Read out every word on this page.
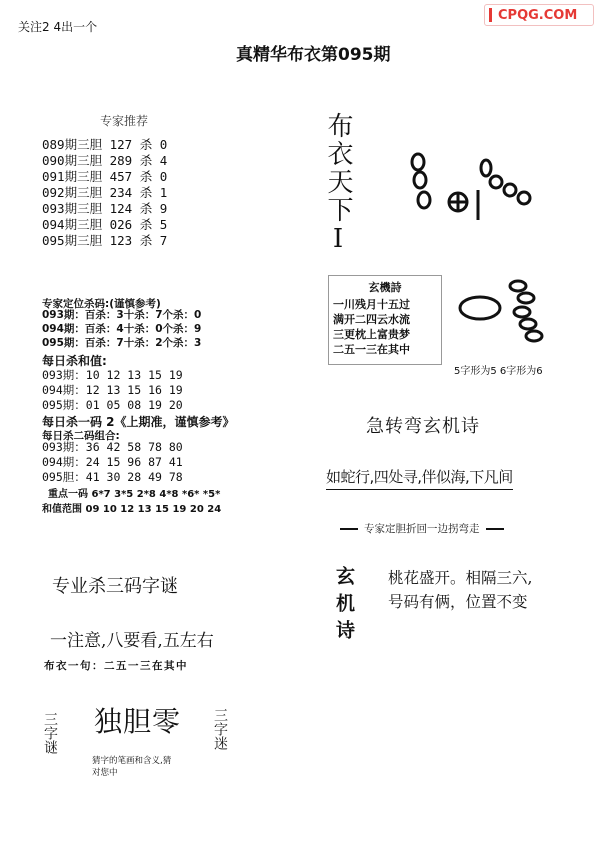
关注2 4出一个
CPQG.COM
真精华布衣第095期
专家推荐
089期三胆 127 杀 0
090期三胆 289 杀 4
091期三胆 457 杀 0
092期三胆 234 杀 1
093期三胆 124 杀 9
094期三胆 026 杀 5
095期三胆 123 杀 7	布衣天下I
专家定位杀码:(谨慎参考)
093期：百杀：3十杀：7个杀：0
094期：百杀：4十杀：0个杀：9
095期：百杀：7十杀：2个杀：3
每日杀和值:
093期：10 12 13 15 19
094期：12 13 15 16 19
095期：01 05 08 19 20
每日杀一码 2《上期准，谨慎参考》
每日杀二码组合:
093期：36 42 58 78 80
094期：24 15 96 87 41
095胆：41 30 28 49 78
重点一码 6*7 3*5 2*8 4*8 *6* *5*
和值范围 09 10 12 13 15 19 20 24
玄機詩
一川残月十五过
满开二四云水流
三更枕上富贵梦
二五一三在其中
5字形为5 6字形为6
急转弯玄机诗
如蛇行,四处寻,伴似海,下凡间
专家定胆折回一边拐弯走
玄机诗 桃花盛开。相隔三六,
号码有俩，位置不变
专业杀三码字谜
一注意,八要看,五左右
布衣一句：二五一三在其中
三字谜 独胆零 三字迷
猜字的笔画和含义,猜
对您中
